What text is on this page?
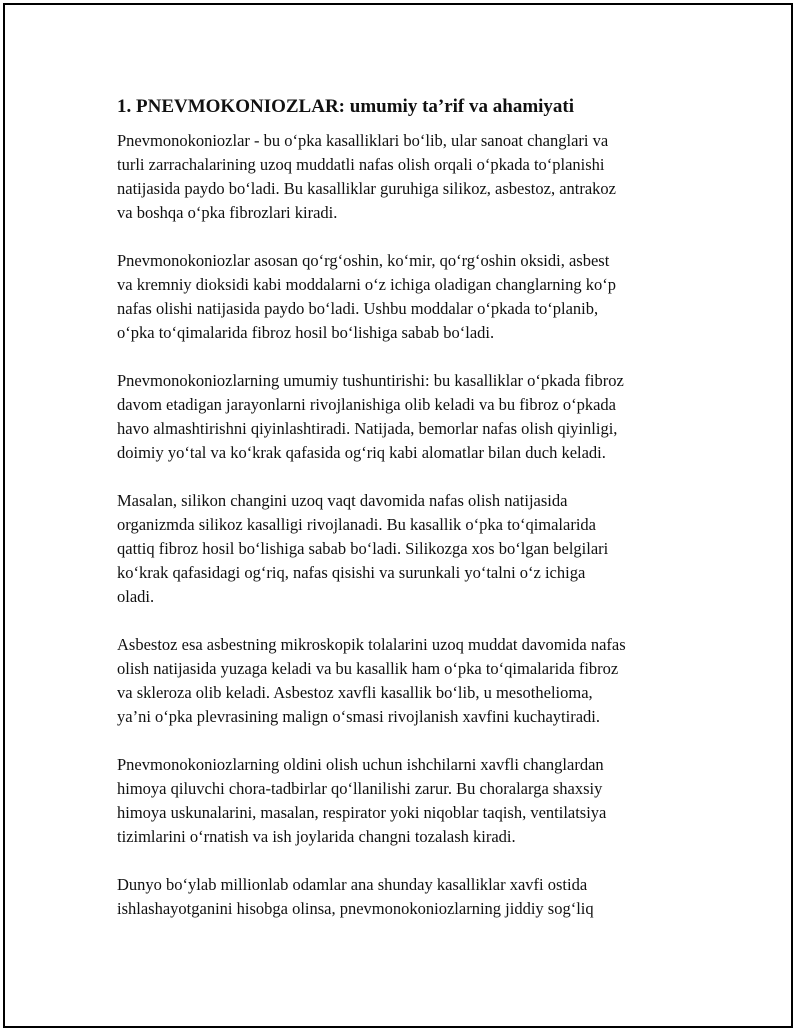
1. PNEVMOKONIOZLAR: umumiy ta’rif va ahamiyati

Pnevmonokoniozlar - bu o‘pka kasalliklari bo‘lib, ular sanoat changlari va
turli zarrachalarining uzoq muddatli nafas olish orqali o‘pkada to‘planishi
natijasida paydo bo‘ladi. Bu kasalliklar guruhiga silikoz, asbestoz, antrakoz
va boshqa o‘pka fibrozlari kiradi.

Pnevmonokoniozlar asosan qo‘rg‘oshin, ko‘mir, qo‘rg‘oshin oksidi, asbest
va kremniy dioksidi kabi moddalarni o‘z ichiga oladigan changlarning ko‘p
nafas olishi natijasida paydo bo‘ladi. Ushbu moddalar o‘pkada to‘planib,
o‘pka to‘qimalarida fibroz hosil bo‘lishiga sabab bo‘ladi.

Pnevmonokoniozlarning umumiy tushuntirishi: bu kasalliklar o‘pkada fibroz
davom etadigan jarayonlarni rivojlanishiga olib keladi va bu fibroz o‘pkada
havo almashtirishni qiyinlashtiradi. Natijada, bemorlar nafas olish qiyinligi,
doimiy yo‘tal va ko‘krak qafasida og‘riq kabi alomatlar bilan duch keladi.

Masalan, silikon changini uzoq vaqt davomida nafas olish natijasida
organizmda silikoz kasalligi rivojlanadi. Bu kasallik o‘pka to‘qimalarida
qattiq fibroz hosil bo‘lishiga sabab bo‘ladi. Silikozga xos bo‘lgan belgilari
ko‘krak qafasidagi og‘riq, nafas qisishi va surunkali yo‘talni o‘z ichiga
oladi.

Asbestoz esa asbestning mikroskopik tolalarini uzoq muddat davomida nafas
olish natijasida yuzaga keladi va bu kasallik ham o‘pka to‘qimalarida fibroz
va skleroza olib keladi. Asbestoz xavfli kasallik bo‘lib, u mesothelioma,
ya’ni o‘pka plevrasining malign o‘smasi rivojlanish xavfini kuchaytiradi.

Pnevmonokoniozlarning oldini olish uchun ishchilarni xavfli changlardan
himoya qiluvchi chora-tadbirlar qo‘llanilishi zarur. Bu choralarga shaxsiy
himoya uskunalarini, masalan, respirator yoki niqoblar taqish, ventilatsiya
tizimlarini o‘rnatish va ish joylarida changni tozalash kiradi.

Dunyo bo‘ylab millionlab odamlar ana shunday kasalliklar xavfi ostida
ishlashayotganini hisobga olinsa, pnevmonokoniozlarning jiddiy sog‘liq
